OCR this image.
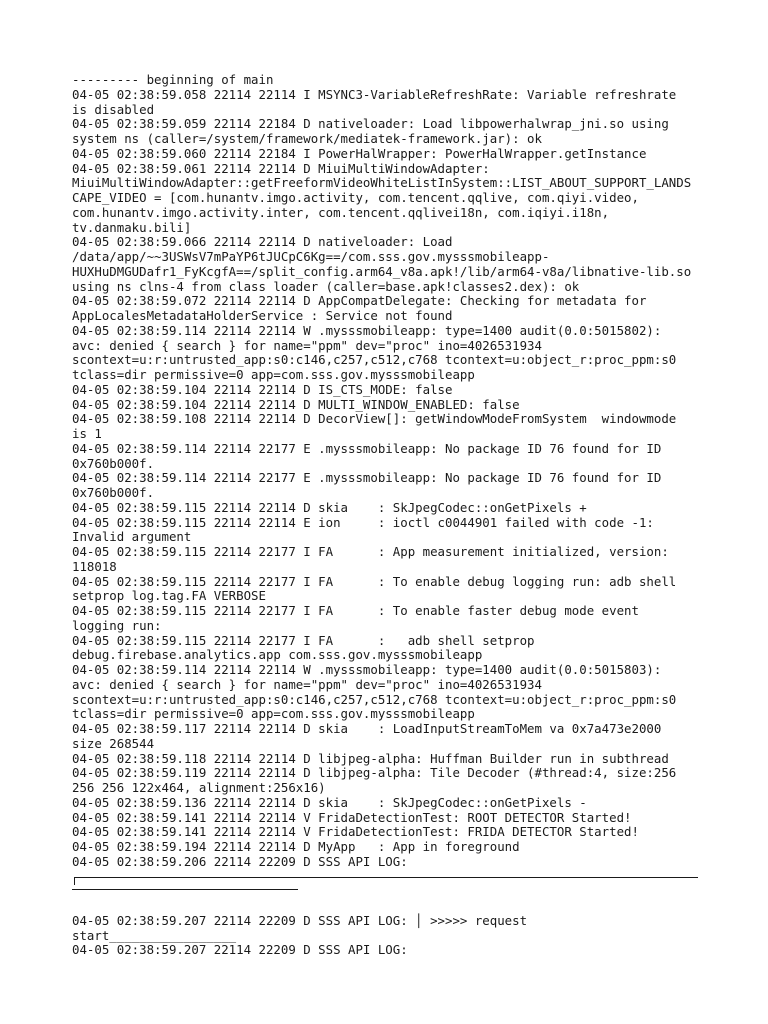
--------- beginning of main
04-05 02:38:59.058 22114 22114 I MSYNC3-VariableRefreshRate: Variable refreshrate
is disabled
04-05 02:38:59.059 22114 22184 D nativeloader: Load libpowerhalwrap_jni.so using
system ns (caller=/system/framework/mediatek-framework.jar): ok
04-05 02:38:59.060 22114 22184 I PowerHalWrapper: PowerHalWrapper.getInstance
04-05 02:38:59.061 22114 22114 D MiuiMultiWindowAdapter:
MiuiMultiWindowAdapter::getFreeformVideoWhiteListInSystem::LIST_ABOUT_SUPPORT_LANDS
CAPE_VIDEO = [com.hunantv.imgo.activity, com.tencent.qqlive, com.qiyi.video,
com.hunantv.imgo.activity.inter, com.tencent.qqlivei18n, com.iqiyi.i18n,
tv.danmaku.bili]
04-05 02:38:59.066 22114 22114 D nativeloader: Load
/data/app/~~3USWsV7mPaYP6tJUCpC6Kg==/com.sss.gov.mysssmobileapp-
HUXHuDMGUDafr1_FyKcgfA==/split_config.arm64_v8a.apk!/lib/arm64-v8a/libnative-lib.so
using ns clns-4 from class loader (caller=base.apk!classes2.dex): ok
04-05 02:38:59.072 22114 22114 D AppCompatDelegate: Checking for metadata for
AppLocalesMetadataHolderService : Service not found
04-05 02:38:59.114 22114 22114 W .mysssmobileapp: type=1400 audit(0.0:5015802):
avc: denied { search } for name="ppm" dev="proc" ino=4026531934
scontext=u:r:untrusted_app:s0:c146,c257,c512,c768 tcontext=u:object_r:proc_ppm:s0
tclass=dir permissive=0 app=com.sss.gov.mysssmobileapp
04-05 02:38:59.104 22114 22114 D IS_CTS_MODE: false
04-05 02:38:59.104 22114 22114 D MULTI_WINDOW_ENABLED: false
04-05 02:38:59.108 22114 22114 D DecorView[]: getWindowModeFromSystem  windowmode
is 1
04-05 02:38:59.114 22114 22177 E .mysssmobileapp: No package ID 76 found for ID
0x760b000f.
04-05 02:38:59.114 22114 22177 E .mysssmobileapp: No package ID 76 found for ID
0x760b000f.
04-05 02:38:59.115 22114 22114 D skia    : SkJpegCodec::onGetPixels +
04-05 02:38:59.115 22114 22114 E ion     : ioctl c0044901 failed with code -1:
Invalid argument
04-05 02:38:59.115 22114 22177 I FA      : App measurement initialized, version:
118018
04-05 02:38:59.115 22114 22177 I FA      : To enable debug logging run: adb shell
setprop log.tag.FA VERBOSE
04-05 02:38:59.115 22114 22177 I FA      : To enable faster debug mode event
logging run:
04-05 02:38:59.115 22114 22177 I FA      :   adb shell setprop
debug.firebase.analytics.app com.sss.gov.mysssmobileapp
04-05 02:38:59.114 22114 22114 W .mysssmobileapp: type=1400 audit(0.0:5015803):
avc: denied { search } for name="ppm" dev="proc" ino=4026531934
scontext=u:r:untrusted_app:s0:c146,c257,c512,c768 tcontext=u:object_r:proc_ppm:s0
tclass=dir permissive=0 app=com.sss.gov.mysssmobileapp
04-05 02:38:59.117 22114 22114 D skia    : LoadInputStreamToMem va 0x7a473e2000
size 268544
04-05 02:38:59.118 22114 22114 D libjpeg-alpha: Huffman Builder run in subthread
04-05 02:38:59.119 22114 22114 D libjpeg-alpha: Tile Decoder (#thread:4, size:256
256 256 122x464, alignment:256x16)
04-05 02:38:59.136 22114 22114 D skia    : SkJpegCodec::onGetPixels -
04-05 02:38:59.141 22114 22114 V FridaDetectionTest: ROOT DETECTOR Started!
04-05 02:38:59.141 22114 22114 V FridaDetectionTest: FRIDA DETECTOR Started!
04-05 02:38:59.194 22114 22114 D MyApp   : App in foreground
04-05 02:38:59.206 22114 22209 D SSS API LOG:
04-05 02:38:59.207 22114 22209 D SSS API LOG: │ >>>>> request
start_________________
04-05 02:38:59.207 22114 22209 D SSS API LOG:
